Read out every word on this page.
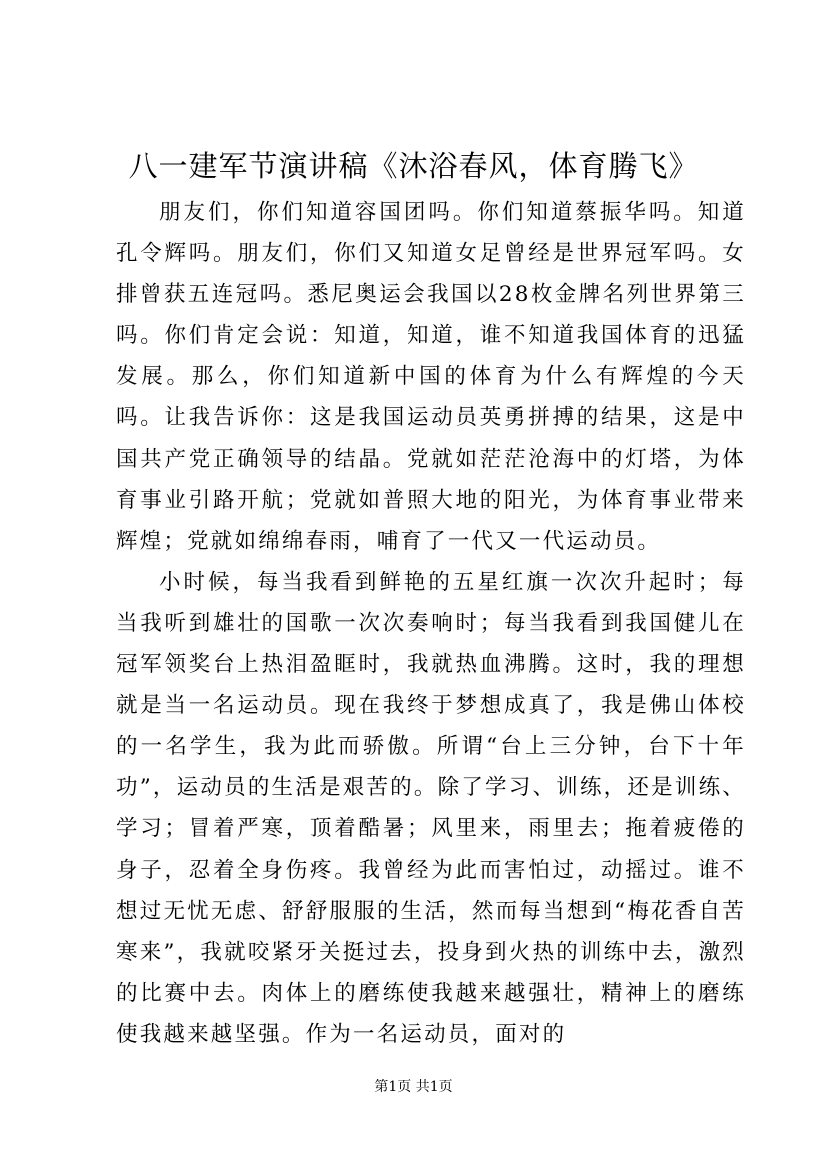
八一建军节演讲稿《沐浴春风，体育腾飞》

朋友们，你们知道容国团吗。你们知道蔡振华吗。知道孔令辉吗。朋友们，你们又知道女足曾经是世界冠军吗。女排曾获五连冠吗。悉尼奥运会我国以28枚金牌名列世界第三吗。你们肯定会说：知道，知道，谁不知道我国体育的迅猛发展。那么，你们知道新中国的体育为什么有辉煌的今天吗。让我告诉你：这是我国运动员英勇拼搏的结果，这是中国共产党正确领导的结晶。党就如茫茫沧海中的灯塔，为体育事业引路开航；党就如普照大地的阳光，为体育事业带来辉煌；党就如绵绵春雨，哺育了一代又一代运动员。

小时候，每当我看到鲜艳的五星红旗一次次升起时；每当我听到雄壮的国歌一次次奏响时；每当我看到我国健儿在冠军领奖台上热泪盈眶时，我就热血沸腾。这时，我的理想就是当一名运动员。现在我终于梦想成真了，我是佛山体校的一名学生，我为此而骄傲。所谓“台上三分钟，台下十年功”，运动员的生活是艰苦的。除了学习、训练，还是训练、学习；冒着严寒，顶着酷暑；风里来，雨里去；拖着疲倦的身子，忍着全身伤疼。我曾经为此而害怕过，动摇过。谁不想过无忧无虑、舒舒服服的生活，然而每当想到“梅花香自苦寒来”，我就咬紧牙关挺过去，投身到火热的训练中去，激烈的比赛中去。肉体上的磨练使我越来越强壮，精神上的磨练使我越来越坚强。作为一名运动员，面对的

第1页 共1页
